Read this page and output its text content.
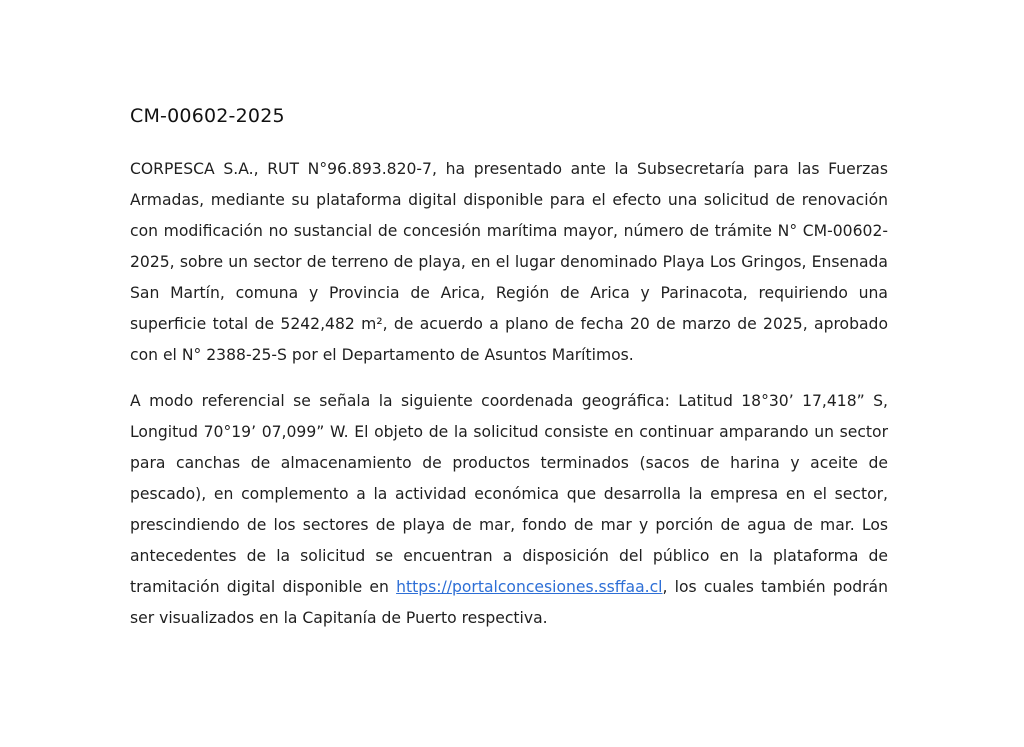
CM-00602-2025

CORPESCA S.A., RUT N°96.893.820-7, ha presentado ante la Subsecretaría para las Fuerzas Armadas, mediante su plataforma digital disponible para el efecto una solicitud de renovación con modificación no sustancial de concesión marítima mayor, número de trámite N° CM-00602-2025, sobre un sector de terreno de playa, en el lugar denominado Playa Los Gringos, Ensenada San Martín, comuna y Provincia de Arica, Región de Arica y Parinacota, requiriendo una superficie total de 5242,482 m², de acuerdo a plano de fecha 20 de marzo de 2025, aprobado con el N° 2388-25-S por el Departamento de Asuntos Marítimos.

A modo referencial se señala la siguiente coordenada geográfica: Latitud 18°30’ 17,418” S, Longitud 70°19’ 07,099” W. El objeto de la solicitud consiste en continuar amparando un sector para canchas de almacenamiento de productos terminados (sacos de harina y aceite de pescado), en complemento a la actividad económica que desarrolla la empresa en el sector, prescindiendo de los sectores de playa de mar, fondo de mar y porción de agua de mar. Los antecedentes de la solicitud se encuentran a disposición del público en la plataforma de tramitación digital disponible en https://portalconcesiones.ssffaa.cl, los cuales también podrán ser visualizados en la Capitanía de Puerto respectiva.
